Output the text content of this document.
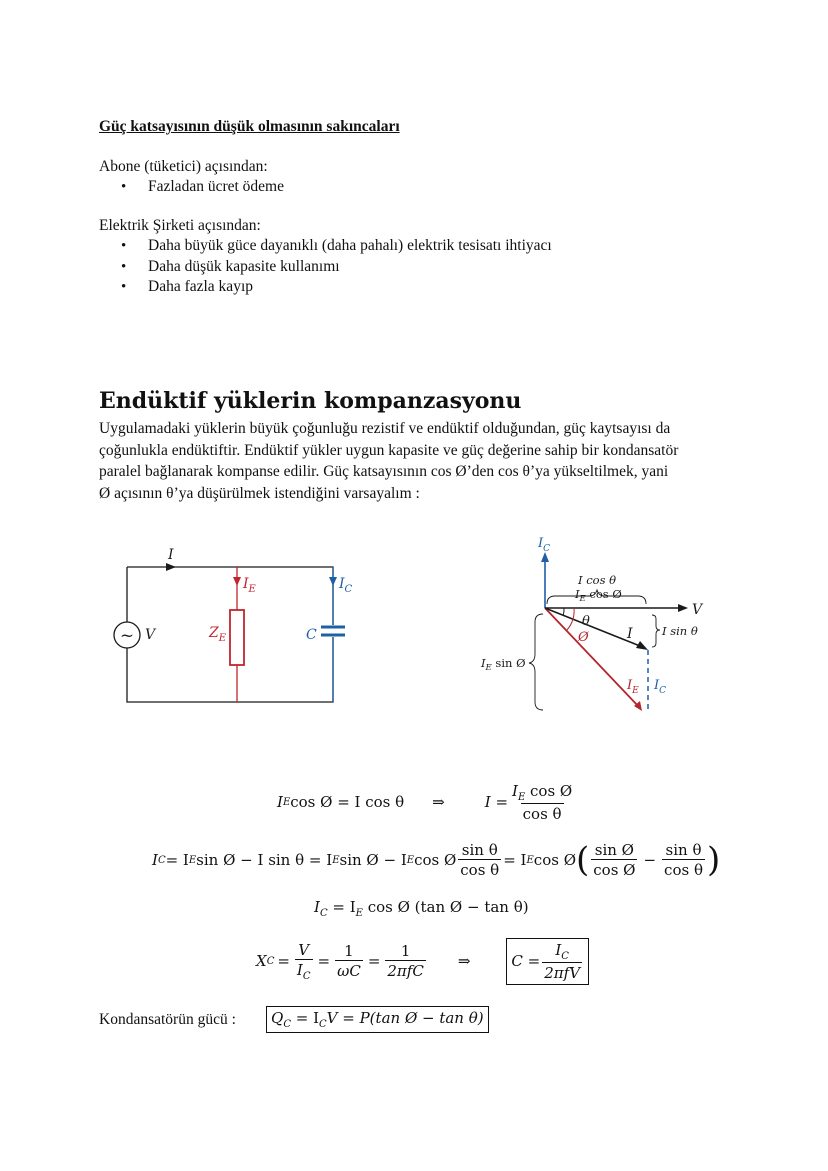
Güç katsayısının düşük olmasının sakıncaları
Abone (tüketici) açısından:
• Fazladan ücret ödeme
Elektrik Şirketi açısından:
• Daha büyük güce dayanıklı (daha pahalı) elektrik tesisatı ihtiyacı
• Daha düşük kapasite kullanımı
• Daha fazla kayıp
Endüktif yüklerin kompanzasyonu
Uygulamadaki yüklerin büyük çoğunluğu rezistif ve endüktif olduğundan, güç kaytsayısı da
çoğunlukla endüktiftir. Endüktif yükler uygun kapasite ve güç değerine sahip bir kondansatör
paralel bağlanarak kompanse edilir. Güç katsayısının cos Ø’den cos θ’ya yükseltilmek, yani
Ø açısının θ’ya düşürülmek istendiğini varsayalım :
~
I
$I_E$	$I_C$
V	$Z_E$	C
$I_C$
V
I cos θ
$I_E$ cos Ø
θ
Ø	I	I sin θ
$I_E$ sin Ø
$I_E$ $I_C$
I E cos Ø = I cos θ ⇒	$I = \frac{I_E \cos Ø}{\text{cos θ}}$
I C = I E sin Ø − I sin θ = I E sin Ø − I E cos Ø $\frac{\text{sin θ}}{\text{cos θ}} = I$ E cos Ø ( $\frac{\text{sin Ø}}{\text{cos Ø}} - \frac{\text{sin θ}}{\text{cos θ}}$ )
$I_C = I_E$ cos Ø (tan Ø − tan θ)
X $C = \frac{V}{I_C} = \frac{1}{\omega C} = \frac{1}{\text{2πfC}}$ ⇒	$C = \frac{I_C}{\text{2πfV}}$
Kondansatörün gücü :	$Q_C = I_CV = P(\tan$ Ø − tan θ)
